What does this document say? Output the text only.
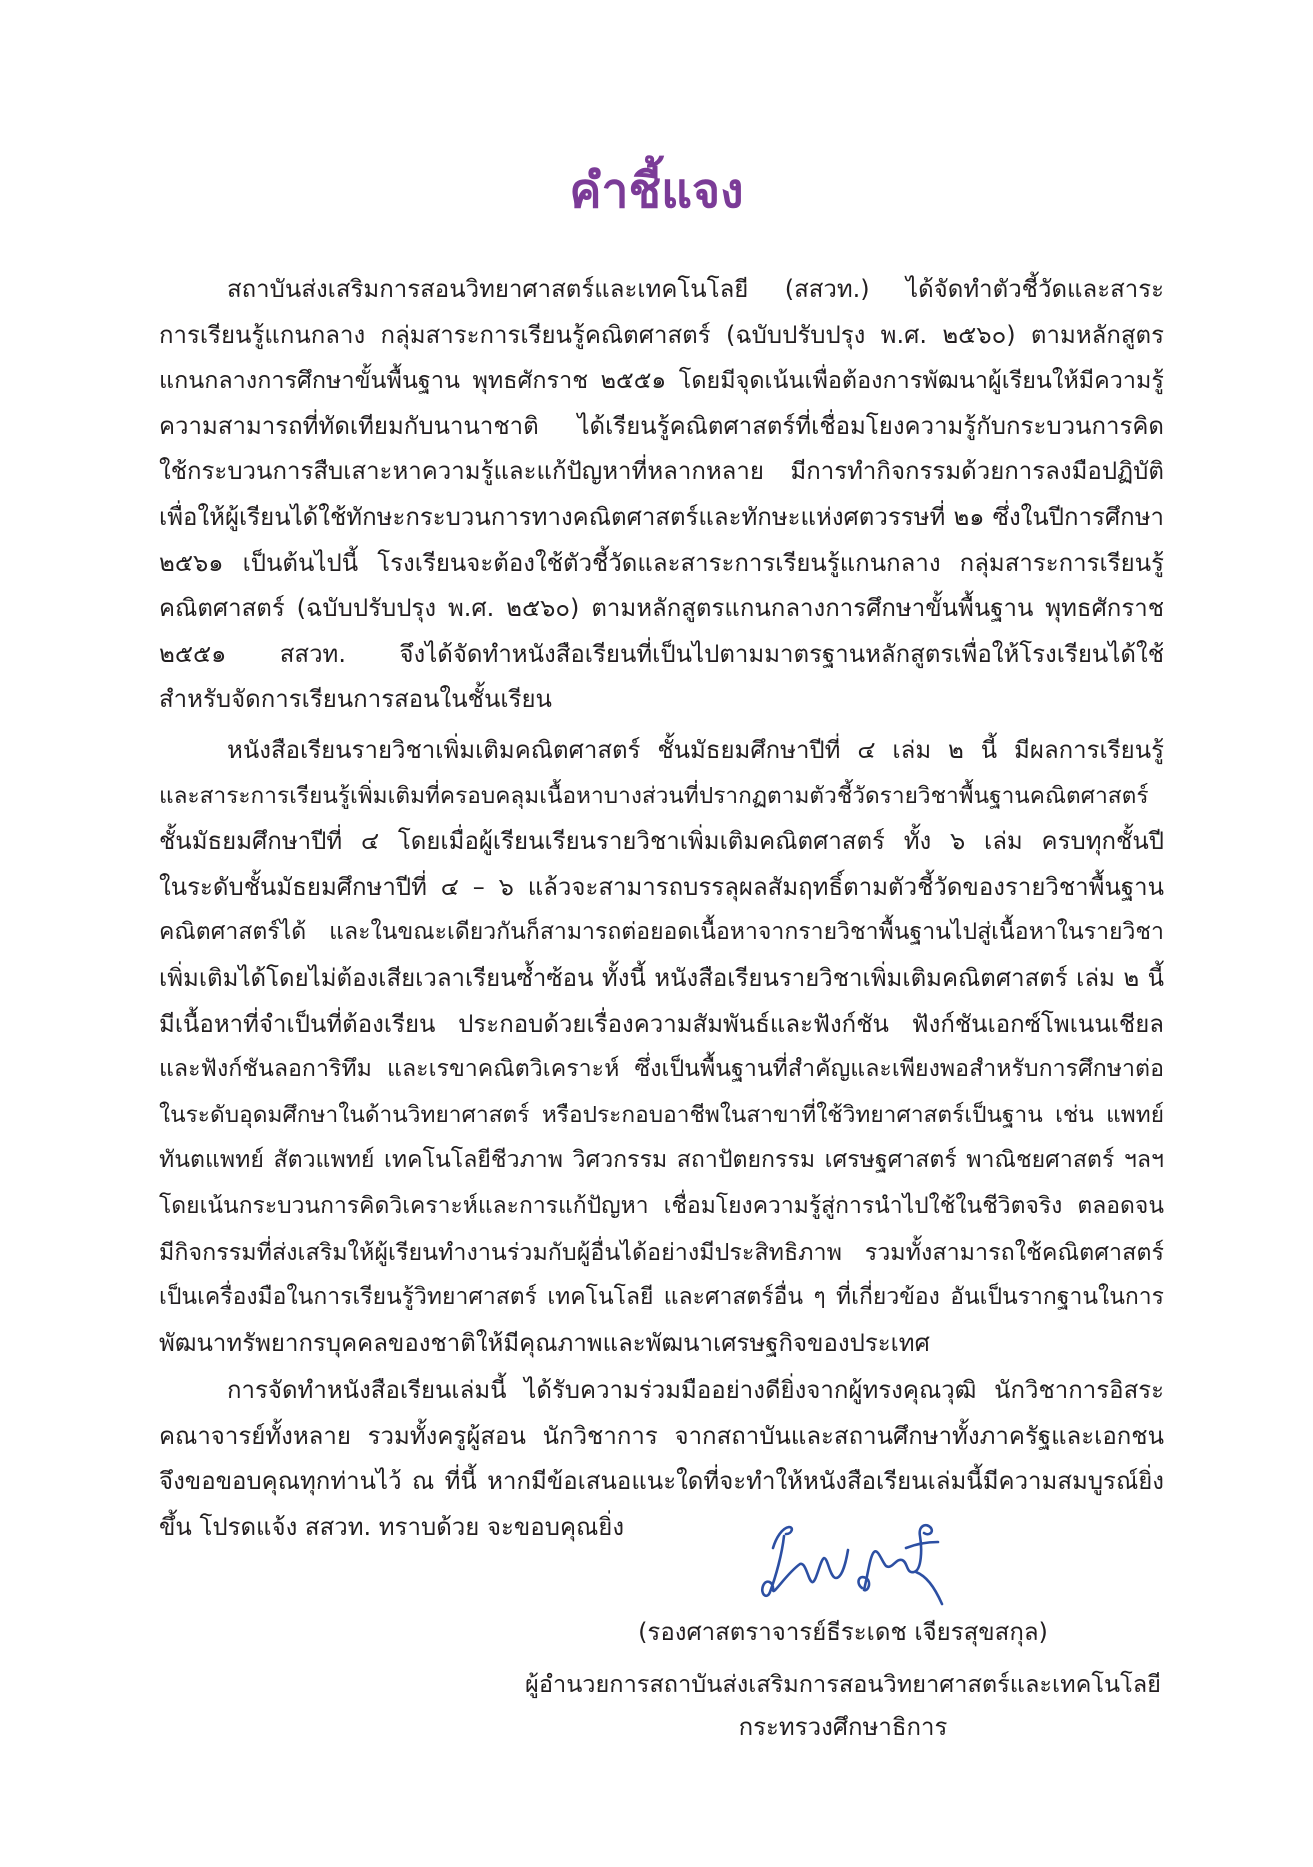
คำชี้แจง
สถาบันส่งเสริมการสอนวิทยาศาสตร์และเทคโนโลยี (สสวท.) ได้จัดทำตัวชี้วัดและสาระ
การเรียนรู้แกนกลาง กลุ่มสาระการเรียนรู้คณิตศาสตร์ (ฉบับปรับปรุง พ.ศ. ๒๕๖๐) ตามหลักสูตร
แกนกลางการศึกษาขั้นพื้นฐาน พุทธศักราช ๒๕๕๑ โดยมีจุดเน้นเพื่อต้องการพัฒนาผู้เรียนให้มีความรู้
ความสามารถที่ทัดเทียมกับนานาชาติ ได้เรียนรู้คณิตศาสตร์ที่เชื่อมโยงความรู้กับกระบวนการคิด
ใช้กระบวนการสืบเสาะหาความรู้และแก้ปัญหาที่หลากหลาย มีการทำกิจกรรมด้วยการลงมือปฏิบัติ
เพื่อให้ผู้เรียนได้ใช้ทักษะกระบวนการทางคณิตศาสตร์และทักษะแห่งศตวรรษที่ ๒๑ ซึ่งในปีการศึกษา
๒๕๖๑ เป็นต้นไปนี้ โรงเรียนจะต้องใช้ตัวชี้วัดและสาระการเรียนรู้แกนกลาง กลุ่มสาระการเรียนรู้
คณิตศาสตร์ (ฉบับปรับปรุง พ.ศ. ๒๕๖๐) ตามหลักสูตรแกนกลางการศึกษาขั้นพื้นฐาน พุทธศักราช
๒๕๕๑ สสวท. จึงได้จัดทำหนังสือเรียนที่เป็นไปตามมาตรฐานหลักสูตรเพื่อให้โรงเรียนได้ใช้
สำหรับจัดการเรียนการสอนในชั้นเรียน
หนังสือเรียนรายวิชาเพิ่มเติมคณิตศาสตร์ ชั้นมัธยมศึกษาปีที่ ๔ เล่ม ๒ นี้ มีผลการเรียนรู้
และสาระการเรียนรู้เพิ่มเติมที่ครอบคลุมเนื้อหาบางส่วนที่ปรากฏตามตัวชี้วัดรายวิชาพื้นฐานคณิตศาสตร์
ชั้นมัธยมศึกษาปีที่ ๔ โดยเมื่อผู้เรียนเรียนรายวิชาเพิ่มเติมคณิตศาสตร์ ทั้ง ๖ เล่ม ครบทุกชั้นปี
ในระดับชั้นมัธยมศึกษาปีที่ ๔ – ๖ แล้วจะสามารถบรรลุผลสัมฤทธิ์ตามตัวชี้วัดของรายวิชาพื้นฐาน
คณิตศาสตร์ได้ และในขณะเดียวกันก็สามารถต่อยอดเนื้อหาจากรายวิชาพื้นฐานไปสู่เนื้อหาในรายวิชา
เพิ่มเติมได้โดยไม่ต้องเสียเวลาเรียนซ้ำซ้อน ทั้งนี้ หนังสือเรียนรายวิชาเพิ่มเติมคณิตศาสตร์ เล่ม ๒ นี้
มีเนื้อหาที่จำเป็นที่ต้องเรียน ประกอบด้วยเรื่องความสัมพันธ์และฟังก์ชัน ฟังก์ชันเอกซ์โพเนนเชียล
และฟังก์ชันลอการิทึม และเรขาคณิตวิเคราะห์ ซึ่งเป็นพื้นฐานที่สำคัญและเพียงพอสำหรับการศึกษาต่อ
ในระดับอุดมศึกษาในด้านวิทยาศาสตร์ หรือประกอบอาชีพในสาขาที่ใช้วิทยาศาสตร์เป็นฐาน เช่น แพทย์
ทันตแพทย์ สัตวแพทย์ เทคโนโลยีชีวภาพ วิศวกรรม สถาปัตยกรรม เศรษฐศาสตร์ พาณิชยศาสตร์ ฯลฯ
โดยเน้นกระบวนการคิดวิเคราะห์และการแก้ปัญหา เชื่อมโยงความรู้สู่การนำไปใช้ในชีวิตจริง ตลอดจน
มีกิจกรรมที่ส่งเสริมให้ผู้เรียนทำงานร่วมกับผู้อื่นได้อย่างมีประสิทธิภาพ รวมทั้งสามารถใช้คณิตศาสตร์
เป็นเครื่องมือในการเรียนรู้วิทยาศาสตร์ เทคโนโลยี และศาสตร์อื่น ๆ ที่เกี่ยวข้อง อันเป็นรากฐานในการ
พัฒนาทรัพยากรบุคคลของชาติให้มีคุณภาพและพัฒนาเศรษฐกิจของประเทศ
การจัดทำหนังสือเรียนเล่มนี้ ได้รับความร่วมมืออย่างดียิ่งจากผู้ทรงคุณวุฒิ นักวิชาการอิสระ
คณาจารย์ทั้งหลาย รวมทั้งครูผู้สอน นักวิชาการ จากสถาบันและสถานศึกษาทั้งภาครัฐและเอกชน
จึงขอขอบคุณทุกท่านไว้ ณ ที่นี้ หากมีข้อเสนอแนะใดที่จะทำให้หนังสือเรียนเล่มนี้มีความสมบูรณ์ยิ่ง
ขึ้น โปรดแจ้ง สสวท. ทราบด้วย จะขอบคุณยิ่ง
(รองศาสตราจารย์ธีระเดช เจียรสุขสกุล)
ผู้อำนวยการสถาบันส่งเสริมการสอนวิทยาศาสตร์และเทคโนโลยี
กระทรวงศึกษาธิการ
